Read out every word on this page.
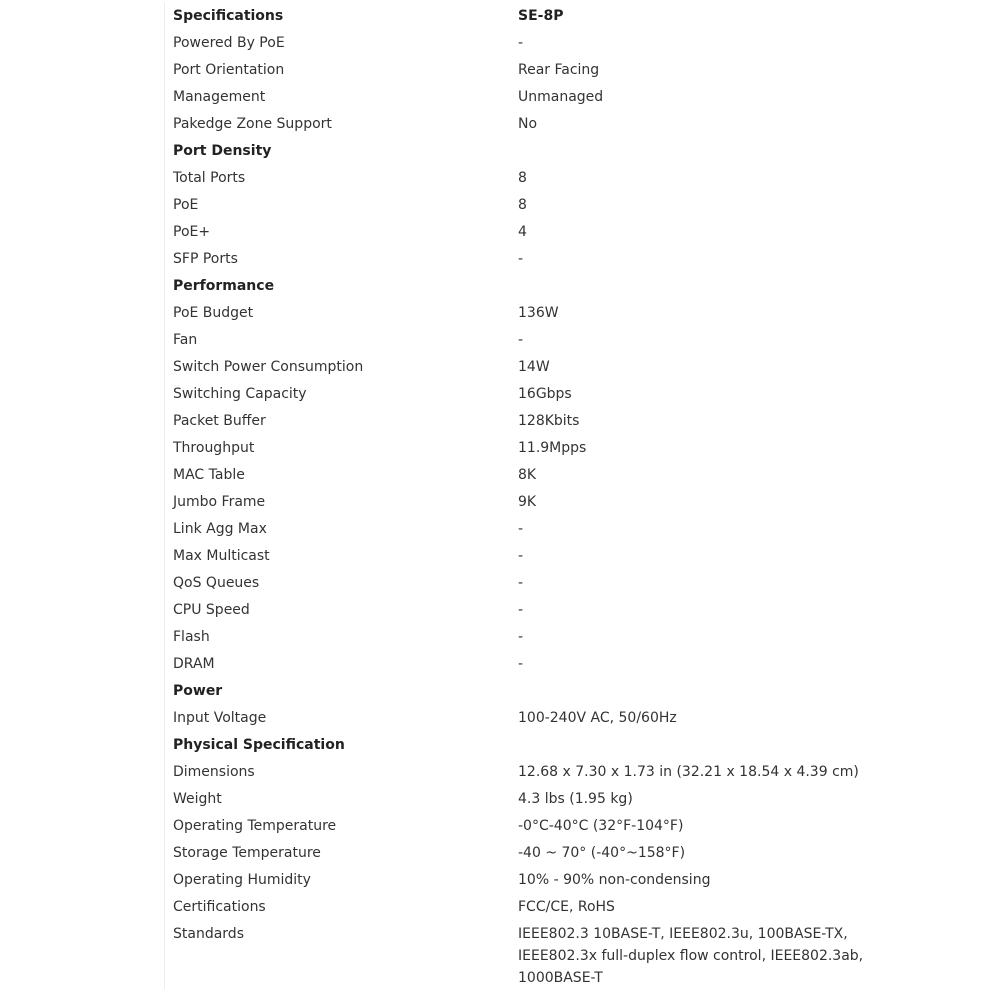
Specifications	SE-8P
Powered By PoE	-
Port Orientation	Rear Facing
Management	Unmanaged
Pakedge Zone Support	No
Port Density
Total Ports	8
PoE	8
PoE+	4
SFP Ports	-
Performance
PoE Budget	136W
Fan	-
Switch Power Consumption	14W
Switching Capacity	16Gbps
Packet Buffer	128Kbits
Throughput	11.9Mpps
MAC Table	8K
Jumbo Frame	9K
Link Agg Max	-
Max Multicast	-
QoS Queues	-
CPU Speed	-
Flash	-
DRAM	-
Power
Input Voltage	100-240V AC, 50/60Hz
Physical Specification
Dimensions	12.68 x 7.30 x 1.73 in (32.21 x 18.54 x 4.39 cm)
Weight	4.3 lbs (1.95 kg)
Operating Temperature	-0°C-40°C (32°F-104°F)
Storage Temperature	-40 ~ 70° (-40°~158°F)
Operating Humidity	10% - 90% non-condensing
Certifications	FCC/CE, RoHS
Standards	IEEE802.3 10BASE-T, IEEE802.3u, 100BASE-TX,
IEEE802.3x full-duplex flow control, IEEE802.3ab,
1000BASE-T
